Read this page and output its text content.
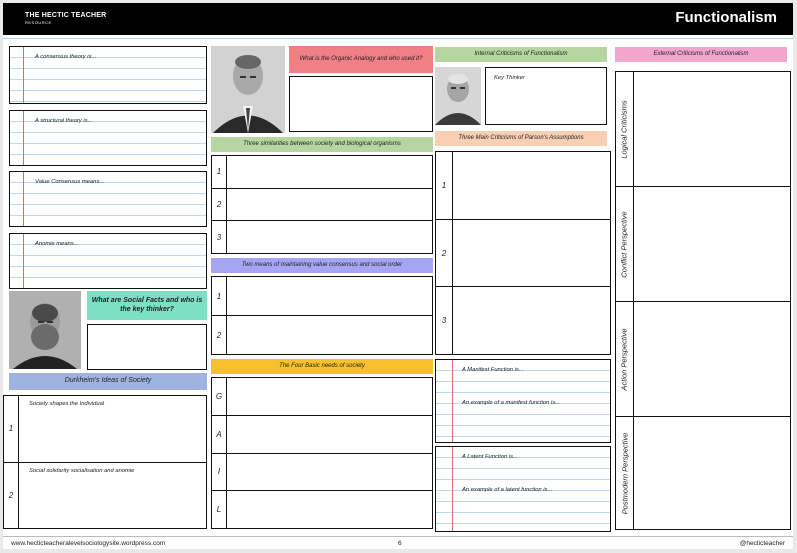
THE HECTIC TEACHER
RESOURCE	Functionalism
A consensus theory is...
A structural theory is...
Value Consensus means...
Anomie means...
What are Social Facts and who is the key thinker?
Durkheim's Ideas of Society
1
Society shapes the Individual
2
Social solidarity socialisation and anomie
What is the Organic Analogy and who used it?
Three similarities between society and biological organisms
1
2
3
Two means of maintaining value consensus and social order
1
2
The Four Basic needs of society
G
A
I
L
Internal Criticisms of Functionalism
Key Thinker
Three Main Criticisms of Parson's Assumptions
1
2
3
A Manifest Function is...
An example of a manifest function is...
A Latent Function is...
An example of a latent function is...
External Criticisms of Functionalism
Logical Criticisms
Conflict Perspective
Action Perspective
Postmodern Perspective
www.hecticteacheralevelsociologysite.wordpress.com	6	@hecticteacher
